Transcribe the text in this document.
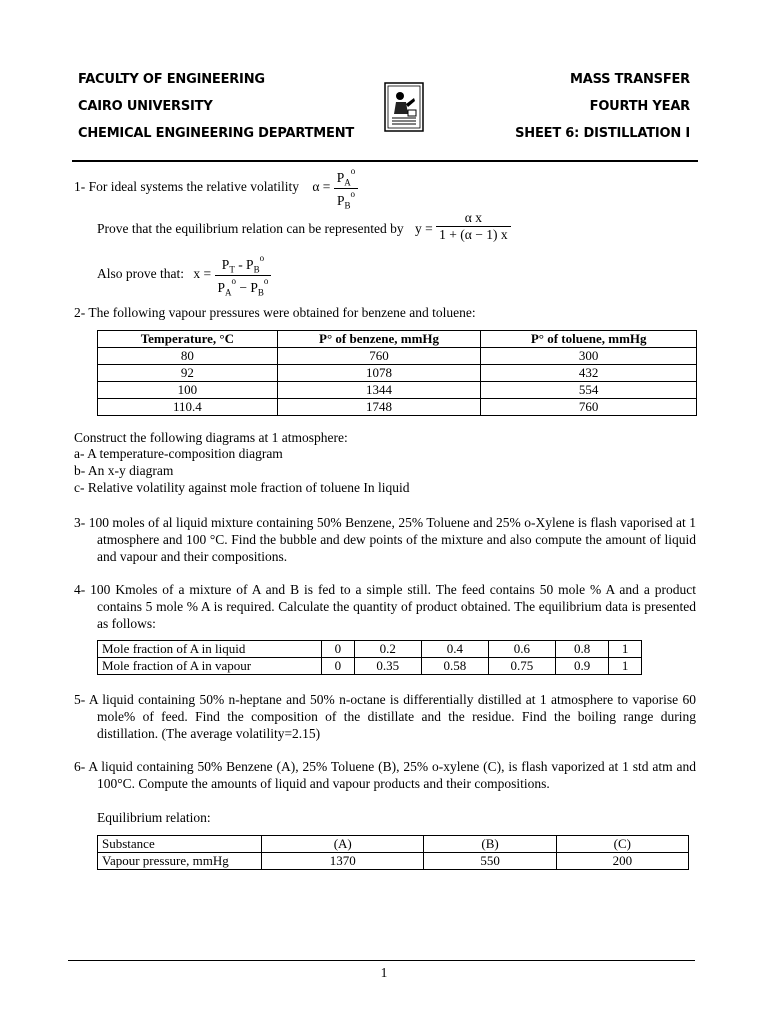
FACULTY OF ENGINEERING
CAIRO UNIVERSITY
CHEMICAL ENGINEERING DEPARTMENT
MASS TRANSFER
FOURTH YEAR
SHEET 6: DISTILLATION I
1- For ideal systems the relative volatility $\alpha = \frac{P_A^o}{P_B^o}$
Prove that the equilibrium relation can be represented by $y = \frac{\text{α x}}{1 + (\alpha - 1) x}$
Also prove that: $x = \frac{P_T - P_B^o}{P_A^o - P_B^o}$
2- The following vapour pressures were obtained for benzene and toluene:
Temperature, °C	P° of benzene, mmHg	P° of toluene, mmHg
80	760	300
92	1078	432
100	1344	554
110.4	1748	760
Construct the following diagrams at 1 atmosphere:
a- A temperature-composition diagram
b- An x-y diagram
c- Relative volatility against mole fraction of toluene In liquid
3- 100 moles of al liquid mixture containing 50% Benzene, 25% Toluene and 25% o-Xylene is flash vaporised at 1 atmosphere and 100 °C. Find the bubble and dew points of the mixture and also compute the amount of liquid and vapour and their compositions.
4- 100 Kmoles of a mixture of A and B is fed to a simple still. The feed contains 50 mole % A and a product contains 5 mole % A is required. Calculate the quantity of product obtained. The equilibrium data is presented as follows:
Mole fraction of A in liquid	0	0.2	0.4	0.6	0.8	1
Mole fraction of A in vapour	0	0.35	0.58	0.75	0.9	1
5- A liquid containing 50% n-heptane and 50% n-octane is differentially distilled at 1 atmosphere to vaporise 60 mole% of feed. Find the composition of the distillate and the residue. Find the boiling range during distillation. (The average volatility=2.15)
6- A liquid containing 50% Benzene (A), 25% Toluene (B), 25% o-xylene (C), is flash vaporized at 1 std atm and 100°C. Compute the amounts of liquid and vapour products and their compositions.
Equilibrium relation:
Substance	(A)	(B)	(C)
Vapour pressure, mmHg	1370	550	200
1
